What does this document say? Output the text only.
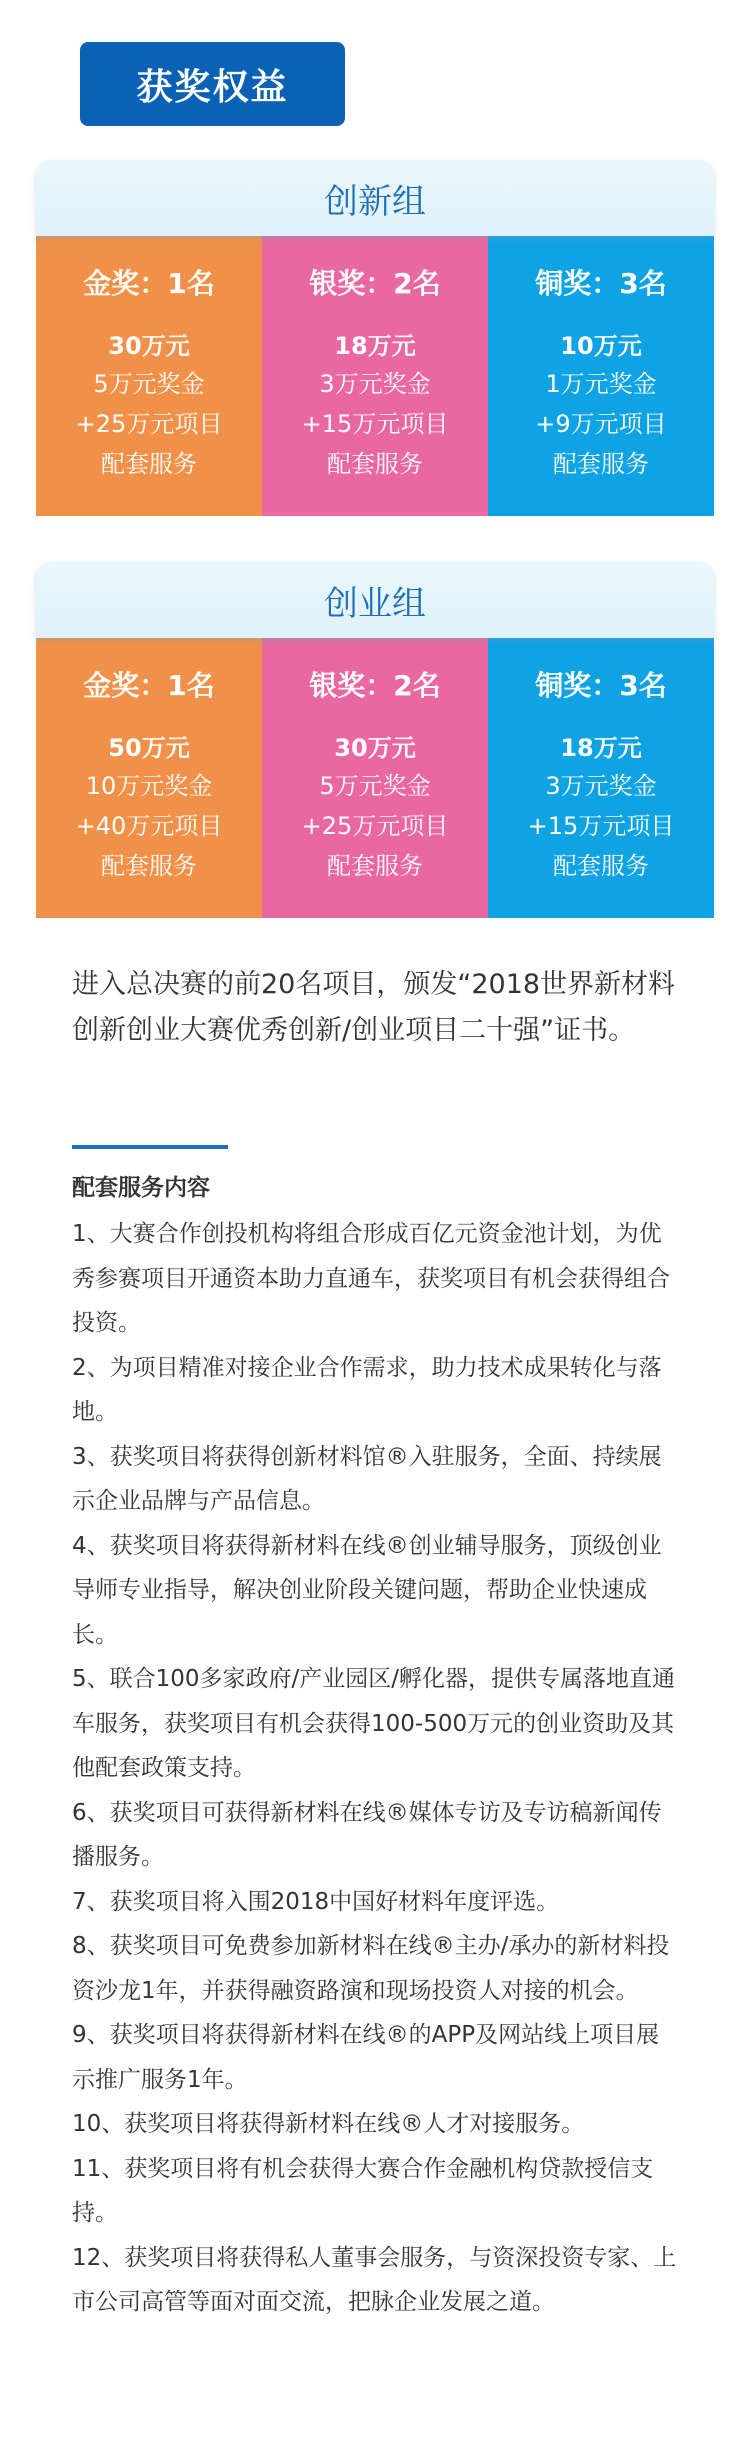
获奖权益
创新组
金奖：1名
30万元
5万元奖金
+25万元项目
配套服务
银奖：2名
18万元
3万元奖金
+15万元项目
配套服务
铜奖：3名
10万元
1万元奖金
+9万元项目
配套服务
创业组
金奖：1名
50万元
10万元奖金
+40万元项目
配套服务
银奖：2名
30万元
5万元奖金
+25万元项目
配套服务
铜奖：3名
18万元
3万元奖金
+15万元项目
配套服务
进入总决赛的前20名项目，颁发“2018世界新材料创新创业大赛优秀创新/创业项目二十强”证书。
配套服务内容

1、大赛合作创投机构将组合形成百亿元资金池计划，为优秀参赛项目开通资本助力直通车，获奖项目有机会获得组合投资。

2、为项目精准对接企业合作需求，助力技术成果转化与落地。

3、获奖项目将获得创新材料馆®入驻服务，全面、持续展示企业品牌与产品信息。

4、获奖项目将获得新材料在线®创业辅导服务，顶级创业导师专业指导，解决创业阶段关键问题，帮助企业快速成长。

5、联合100多家政府/产业园区/孵化器，提供专属落地直通车服务，获奖项目有机会获得100-500万元的创业资助及其他配套政策支持。

6、获奖项目可获得新材料在线®媒体专访及专访稿新闻传播服务。

7、获奖项目将入围2018中国好材料年度评选。

8、获奖项目可免费参加新材料在线®主办/承办的新材料投资沙龙1年，并获得融资路演和现场投资人对接的机会。

9、获奖项目将获得新材料在线®的APP及网站线上项目展示推广服务1年。

10、获奖项目将获得新材料在线®人才对接服务。

11、获奖项目将有机会获得大赛合作金融机构贷款授信支持。

12、获奖项目将获得私人董事会服务，与资深投资专家、上市公司高管等面对面交流，把脉企业发展之道。
